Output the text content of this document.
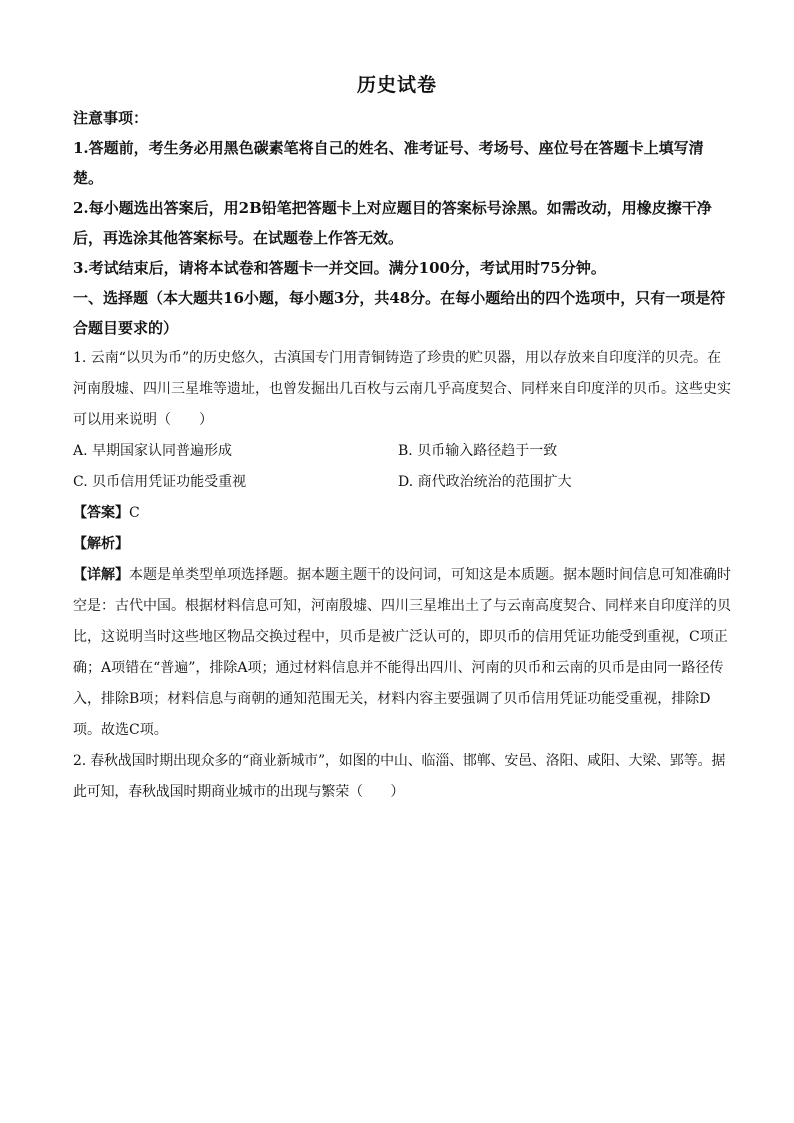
历史试卷

注意事项：

1.答题前，考生务必用黑色碳素笔将自己的姓名、准考证号、考场号、座位号在答题卡上填写清楚。

2.每小题选出答案后，用2B铅笔把答题卡上对应题目的答案标号涂黑。如需改动，用橡皮擦干净后，再选涂其他答案标号。在试题卷上作答无效。

3.考试结束后，请将本试卷和答题卡一并交回。满分100分，考试用时75分钟。

一、选择题（本大题共16小题，每小题3分，共48分。在每小题给出的四个选项中，只有一项是符合题目要求的）

1. 云南“以贝为币”的历史悠久，古滇国专门用青铜铸造了珍贵的贮贝器，用以存放来自印度洋的贝壳。在河南殷墟、四川三星堆等遗址，也曾发掘出几百枚与云南几乎高度契合、同样来自印度洋的贝币。这些史实可以用来说明（　　）

A. 早期国家认同普遍形成	B. 贝币输入路径趋于一致
C. 贝币信用凭证功能受重视	D. 商代政治统治的范围扩大

【答案】C

【解析】

【详解】本题是单类型单项选择题。据本题主题干的设问词，可知这是本质题。据本题时间信息可知准确时空是：古代中国。根据材料信息可知，河南殷墟、四川三星堆出土了与云南高度契合、同样来自印度洋的贝比，这说明当时这些地区物品交换过程中，贝币是被广泛认可的，即贝币的信用凭证功能受到重视，C项正确；A项错在“普遍”，排除A项；通过材料信息并不能得出四川、河南的贝币和云南的贝币是由同一路径传入，排除B项；材料信息与商朝的通知范围无关，材料内容主要强调了贝币信用凭证功能受重视，排除D项。故选C项。

2. 春秋战国时期出现众多的“商业新城市”，如图的中山、临淄、邯郸、安邑、洛阳、咸阳、大梁、郢等。据此可知，春秋战国时期商业城市的出现与繁荣（　　）
